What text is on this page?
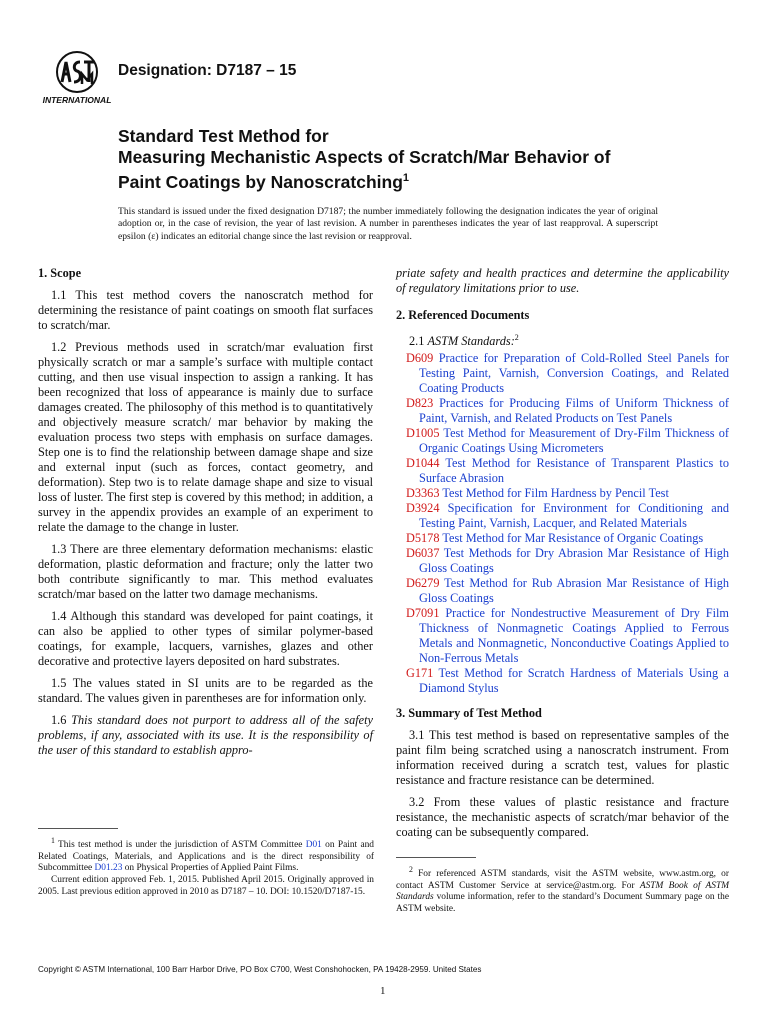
INTERNATIONAL
Designation: D7187 – 15
Standard Test Method for
Measuring Mechanistic Aspects of Scratch/Mar Behavior of
Paint Coatings by Nanoscratching$^1$
This standard is issued under the fixed designation D7187; the number immediately following the designation indicates the year of original adoption or, in the case of revision, the year of last revision. A number in parentheses indicates the year of last reapproval. A superscript epsilon (ε) indicates an editorial change since the last revision or reapproval.
1. Scope

1.1 This test method covers the nanoscratch method for determining the resistance of paint coatings on smooth flat surfaces to scratch/mar.

1.2 Previous methods used in scratch/mar evaluation first physically scratch or mar a sample’s surface with multiple contact cutting, and then use visual inspection to assign a ranking. It has been recognized that loss of appearance is mainly due to surface damages created. The philosophy of this method is to quantitatively and objectively measure scratch/ mar behavior by making the evaluation process two steps with emphasis on surface damages. Step one is to find the relationship between damage shape and size and external input (such as forces, contact geometry, and deformation). Step two is to relate damage shape and size to visual loss of luster. The first step is covered by this method; in addition, a survey in the appendix provides an example of an experiment to relate the damage to the change in luster.

1.3 There are three elementary deformation mechanisms: elastic deformation, plastic deformation and fracture; only the latter two both contribute significantly to mar. This method evaluates scratch/mar based on the latter two damage mechanisms.

1.4 Although this standard was developed for paint coatings, it can also be applied to other types of similar polymer-based coatings, for example, lacquers, varnishes, glazes and other decorative and protective layers deposited on hard substrates.

1.5 The values stated in SI units are to be regarded as the standard. The values given in parentheses are for information only.

1.6 This standard does not purport to address all of the safety problems, if any, associated with its use. It is the responsibility of the user of this standard to establish appro-

priate safety and health practices and determine the applicability of regulatory limitations prior to use.

2. Referenced Documents

2.1 ASTM Standards:$^2$

D609 Practice for Preparation of Cold-Rolled Steel Panels for Testing Paint, Varnish, Conversion Coatings, and Related Coating Products

D823 Practices for Producing Films of Uniform Thickness of Paint, Varnish, and Related Products on Test Panels

D1005 Test Method for Measurement of Dry-Film Thickness of Organic Coatings Using Micrometers

D1044 Test Method for Resistance of Transparent Plastics to Surface Abrasion

D3363 Test Method for Film Hardness by Pencil Test

D3924 Specification for Environment for Conditioning and Testing Paint, Varnish, Lacquer, and Related Materials

D5178 Test Method for Mar Resistance of Organic Coatings

D6037 Test Methods for Dry Abrasion Mar Resistance of High Gloss Coatings

D6279 Test Method for Rub Abrasion Mar Resistance of High Gloss Coatings

D7091 Practice for Nondestructive Measurement of Dry Film Thickness of Nonmagnetic Coatings Applied to Ferrous Metals and Nonmagnetic, Nonconductive Coatings Applied to Non-Ferrous Metals

G171 Test Method for Scratch Hardness of Materials Using a Diamond Stylus

3. Summary of Test Method

3.1 This test method is based on representative samples of the paint film being scratched using a nanoscratch instrument. From information received during a scratch test, values for plastic resistance and fracture resistance can be determined.

3.2 From these values of plastic resistance and fracture resistance, the mechanistic aspects of scratch/mar behavior of the coating can be subsequently compared.

$^1$ This test method is under the jurisdiction of ASTM Committee D01 on Paint and Related Coatings, Materials, and Applications and is the direct responsibility of Subcommittee D01.23 on Physical Properties of Applied Paint Films.

Current edition approved Feb. 1, 2015. Published April 2015. Originally approved in 2005. Last previous edition approved in 2010 as D7187 – 10. DOI: 10.1520/D7187-15.

$^2$ For referenced ASTM standards, visit the ASTM website, www.astm.org, or contact ASTM Customer Service at service@astm.org. For ASTM Book of ASTM Standards volume information, refer to the standard’s Document Summary page on the ASTM website.

Copyright © ASTM International, 100 Barr Harbor Drive, PO Box C700, West Conshohocken, PA 19428-2959. United States
1
